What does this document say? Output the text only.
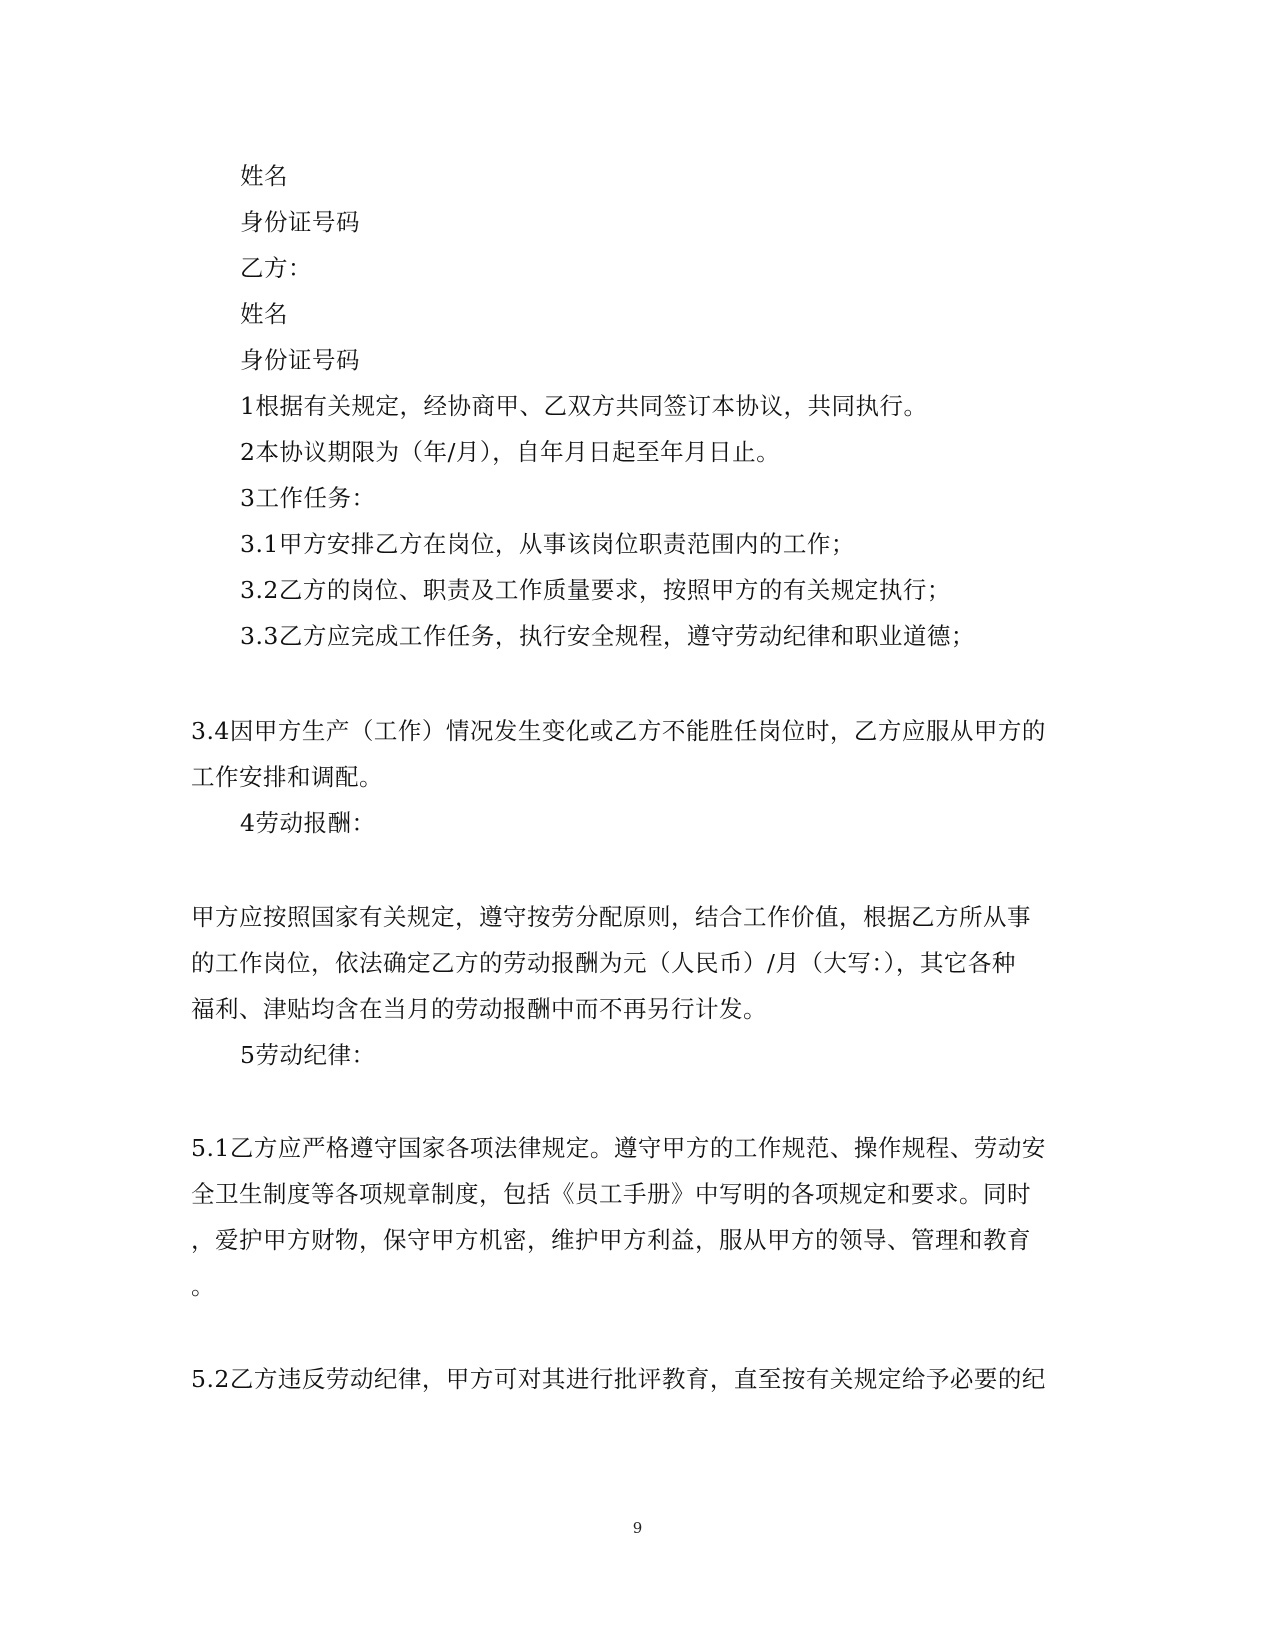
姓名
身份证号码
乙方：
姓名
身份证号码
1根据有关规定，经协商甲、乙双方共同签订本协议，共同执行。
2本协议期限为（年/月），自年月日起至年月日止。
3工作任务：
3.1甲方安排乙方在岗位，从事该岗位职责范围内的工作；
3.2乙方的岗位、职责及工作质量要求，按照甲方的有关规定执行；
3.3乙方应完成工作任务，执行安全规程，遵守劳动纪律和职业道德；
3.4因甲方生产（工作）情况发生变化或乙方不能胜任岗位时，乙方应服从甲方的
工作安排和调配。
4劳动报酬：
甲方应按照国家有关规定，遵守按劳分配原则，结合工作价值，根据乙方所从事
的工作岗位，依法确定乙方的劳动报酬为元（人民币）/月（大写：），其它各种
福利、津贴均含在当月的劳动报酬中而不再另行计发。
5劳动纪律：
5.1乙方应严格遵守国家各项法律规定。遵守甲方的工作规范、操作规程、劳动安
全卫生制度等各项规章制度，包括《员工手册》中写明的各项规定和要求。同时
，爱护甲方财物，保守甲方机密，维护甲方利益，服从甲方的领导、管理和教育
。
5.2乙方违反劳动纪律，甲方可对其进行批评教育，直至按有关规定给予必要的纪
9
